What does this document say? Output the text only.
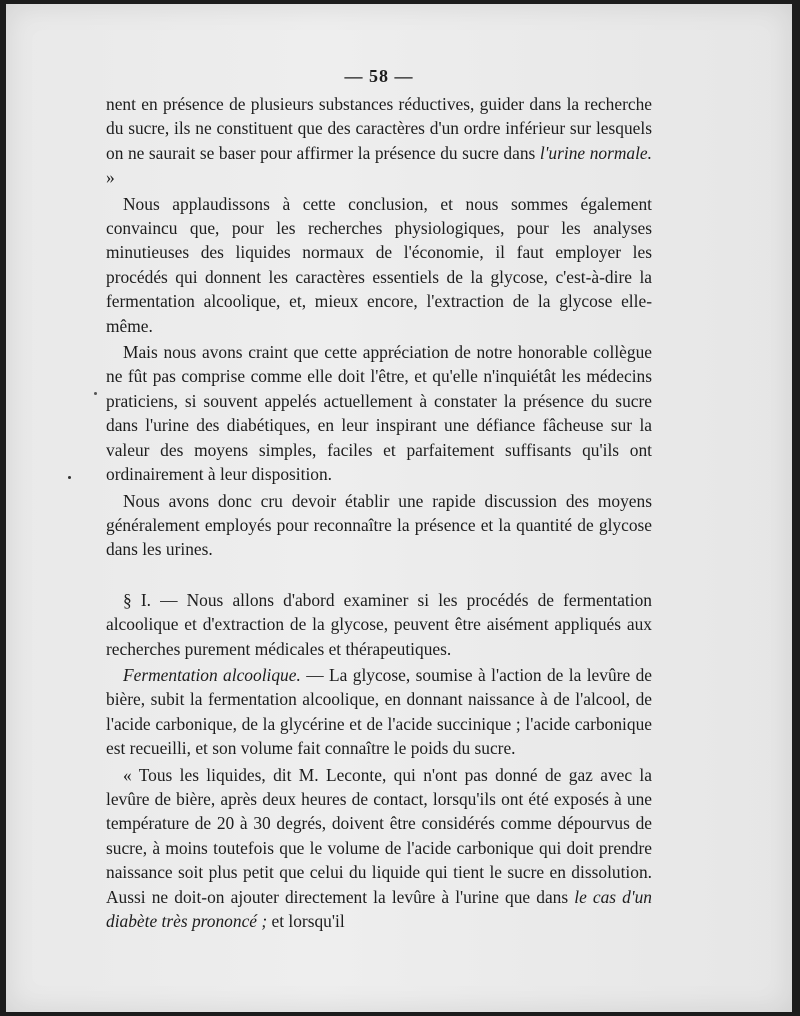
— 58 —

nent en présence de plusieurs substances réductives, guider dans la recherche du sucre, ils ne constituent que des caractères d'un ordre inférieur sur lesquels on ne saurait se baser pour affirmer la présence du sucre dans l'urine normale. »

Nous applaudissons à cette conclusion, et nous sommes également convaincu que, pour les recherches physiologiques, pour les analyses minutieuses des liquides normaux de l'économie, il faut employer les procédés qui donnent les caractères essentiels de la glycose, c'est-à-dire la fermentation alcoolique, et, mieux encore, l'extraction de la glycose elle-même.

Mais nous avons craint que cette appréciation de notre honorable collègue ne fût pas comprise comme elle doit l'être, et qu'elle n'inquiétât les médecins praticiens, si souvent appelés actuellement à constater la présence du sucre dans l'urine des diabétiques, en leur inspirant une défiance fâcheuse sur la valeur des moyens simples, faciles et parfaitement suffisants qu'ils ont ordinairement à leur disposition.

Nous avons donc cru devoir établir une rapide discussion des moyens généralement employés pour reconnaître la présence et la quantité de glycose dans les urines.

§ I. — Nous allons d'abord examiner si les procédés de fermentation alcoolique et d'extraction de la glycose, peuvent être aisément appliqués aux recherches purement médicales et thérapeutiques.

Fermentation alcoolique. — La glycose, soumise à l'action de la levûre de bière, subit la fermentation alcoolique, en donnant naissance à de l'alcool, de l'acide carbonique, de la glycérine et de l'acide succinique ; l'acide carbonique est recueilli, et son volume fait connaître le poids du sucre.

« Tous les liquides, dit M. Leconte, qui n'ont pas donné de gaz avec la levûre de bière, après deux heures de contact, lorsqu'ils ont été exposés à une température de 20 à 30 degrés, doivent être considérés comme dépourvus de sucre, à moins toutefois que le volume de l'acide carbonique qui doit prendre naissance soit plus petit que celui du liquide qui tient le sucre en dissolution. Aussi ne doit-on ajouter directement la levûre à l'urine que dans le cas d'un diabète très prononcé ; et lorsqu'il
